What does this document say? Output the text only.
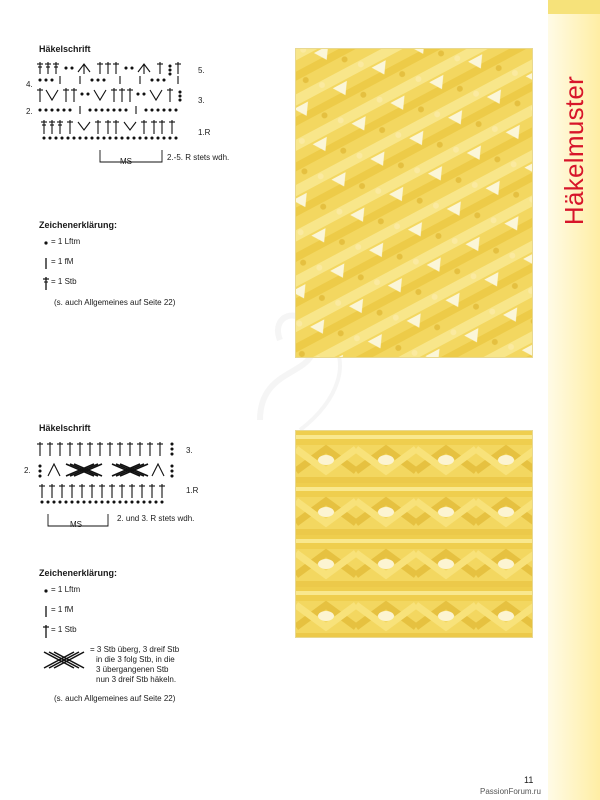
Häkelmuster
Häkelschrift
4.
2.
5.
3.
1.R
MS	2.-5. R stets wdh.
Zeichenerklärung:
= 1 Lftm
= 1 fM
= 1 Stb
(s. auch Allgemeines auf Seite 22)
Häkelschrift
2.
3.
1.R
MS
2. und 3. R stets wdh.
Zeichenerklärung:
= 1 Lftm
= 1 fM
= 1 Stb
= 3 Stb überg, 3 dreif Stb
in die 3 folg Stb, in die
3 übergangenen Stb
nun 3 dreif Stb häkeln.
(s. auch Allgemeines auf Seite 22)
11
PassionForum.ru
